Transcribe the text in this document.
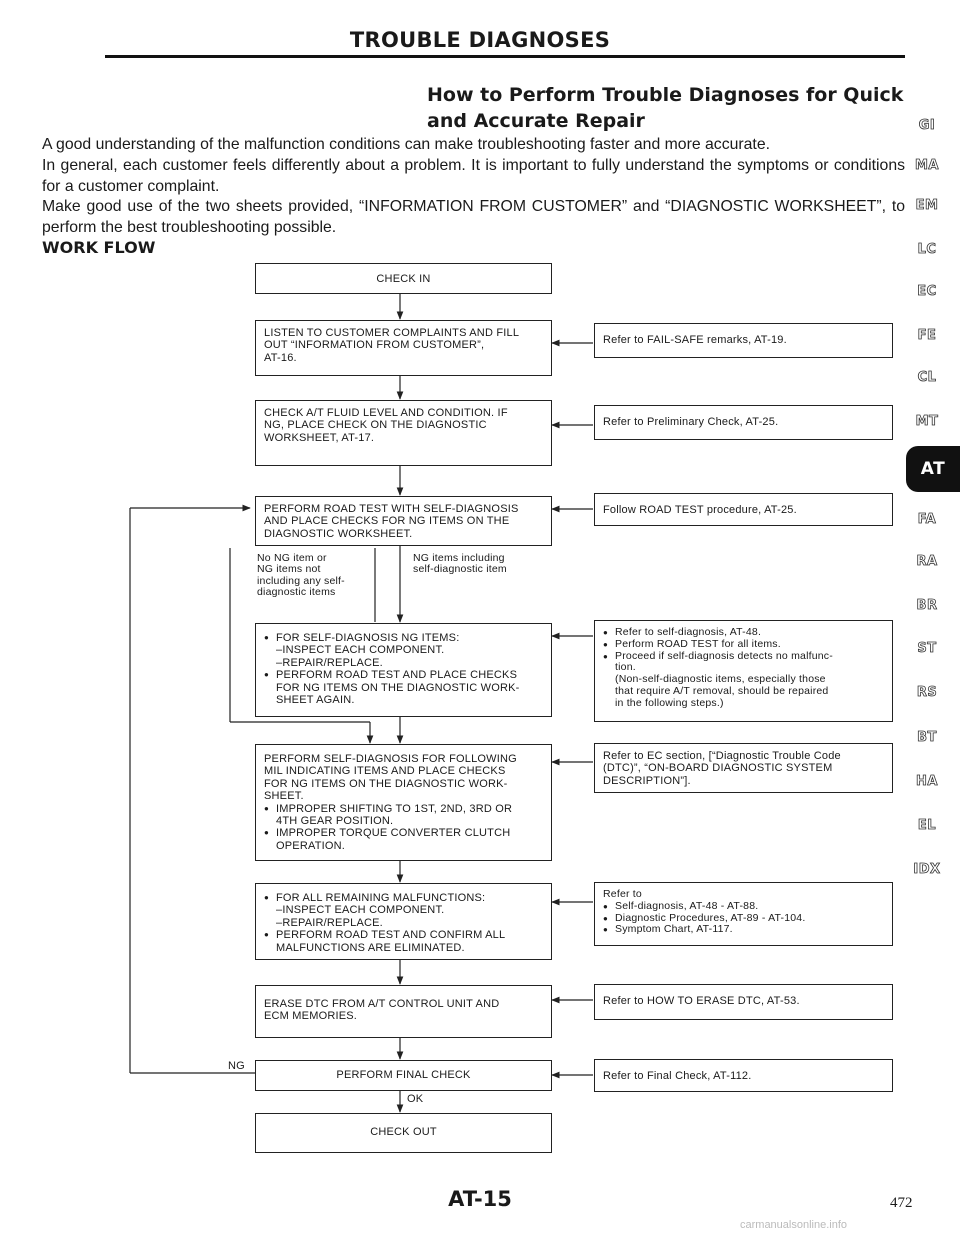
TROUBLE DIAGNOSES
How to Perform Trouble Diagnoses for Quick
and Accurate Repair

A good understanding of the malfunction conditions can make troubleshooting faster and more accurate.

In general, each customer feels differently about a problem. It is important to fully understand the symptoms or conditions for a customer complaint.

Make good use of the two sheets provided, “INFORMATION FROM CUSTOMER” and “DIAGNOSTIC WORKSHEET”, to perform the best troubleshooting possible.

WORK FLOW
CHECK IN
LISTEN TO CUSTOMER COMPLAINTS AND FILL
OUT “INFORMATION FROM CUSTOMER”,
AT-16.
CHECK A/T FLUID LEVEL AND CONDITION. IF
NG, PLACE CHECK ON THE DIAGNOSTIC
WORKSHEET, AT-17.
PERFORM ROAD TEST WITH SELF-DIAGNOSIS
AND PLACE CHECKS FOR NG ITEMS ON THE
DIAGNOSTIC WORKSHEET.
No NG item or
NG items not
including any self-
diagnostic items
NG items including
self-diagnostic item
● FOR SELF-DIAGNOSIS NG ITEMS:
–INSPECT EACH COMPONENT.
–REPAIR/REPLACE.
● PERFORM ROAD TEST AND PLACE CHECKS
FOR NG ITEMS ON THE DIAGNOSTIC WORK-
SHEET AGAIN.
PERFORM SELF-DIAGNOSIS FOR FOLLOWING
MIL INDICATING ITEMS AND PLACE CHECKS
FOR NG ITEMS ON THE DIAGNOSTIC WORK-
SHEET.
● IMPROPER SHIFTING TO 1ST, 2ND, 3RD OR
4TH GEAR POSITION.
● IMPROPER TORQUE CONVERTER CLUTCH
OPERATION.
● FOR ALL REMAINING MALFUNCTIONS:
–INSPECT EACH COMPONENT.
–REPAIR/REPLACE.
● PERFORM ROAD TEST AND CONFIRM ALL
MALFUNCTIONS ARE ELIMINATED.
ERASE DTC FROM A/T CONTROL UNIT AND
ECM MEMORIES.
NG
PERFORM FINAL CHECK
OK
CHECK OUT
Refer to FAIL-SAFE remarks, AT-19.
Refer to Preliminary Check, AT-25.
Follow ROAD TEST procedure, AT-25.
● Refer to self-diagnosis, AT-48.
● Perform ROAD TEST for all items.
● Proceed if self-diagnosis detects no malfunc-
tion.
(Non-self-diagnostic items, especially those
that require A/T removal, should be repaired
in the following steps.)
Refer to EC section, [“Diagnostic Trouble Code
(DTC)”, “ON-BOARD DIAGNOSTIC SYSTEM
DESCRIPTION”].
Refer to
● Self-diagnosis, AT-48 - AT-88.
● Diagnostic Procedures, AT-89 - AT-104.
● Symptom Chart, AT-117.
Refer to HOW TO ERASE DTC, AT-53.
Refer to Final Check, AT-112.
GI
MA
EM
LC
EC
FE
CL
MT
AT
FA
RA
BR
ST
RS
BT
HA
EL
IDX
AT-15	472
carmanualsonline.info
